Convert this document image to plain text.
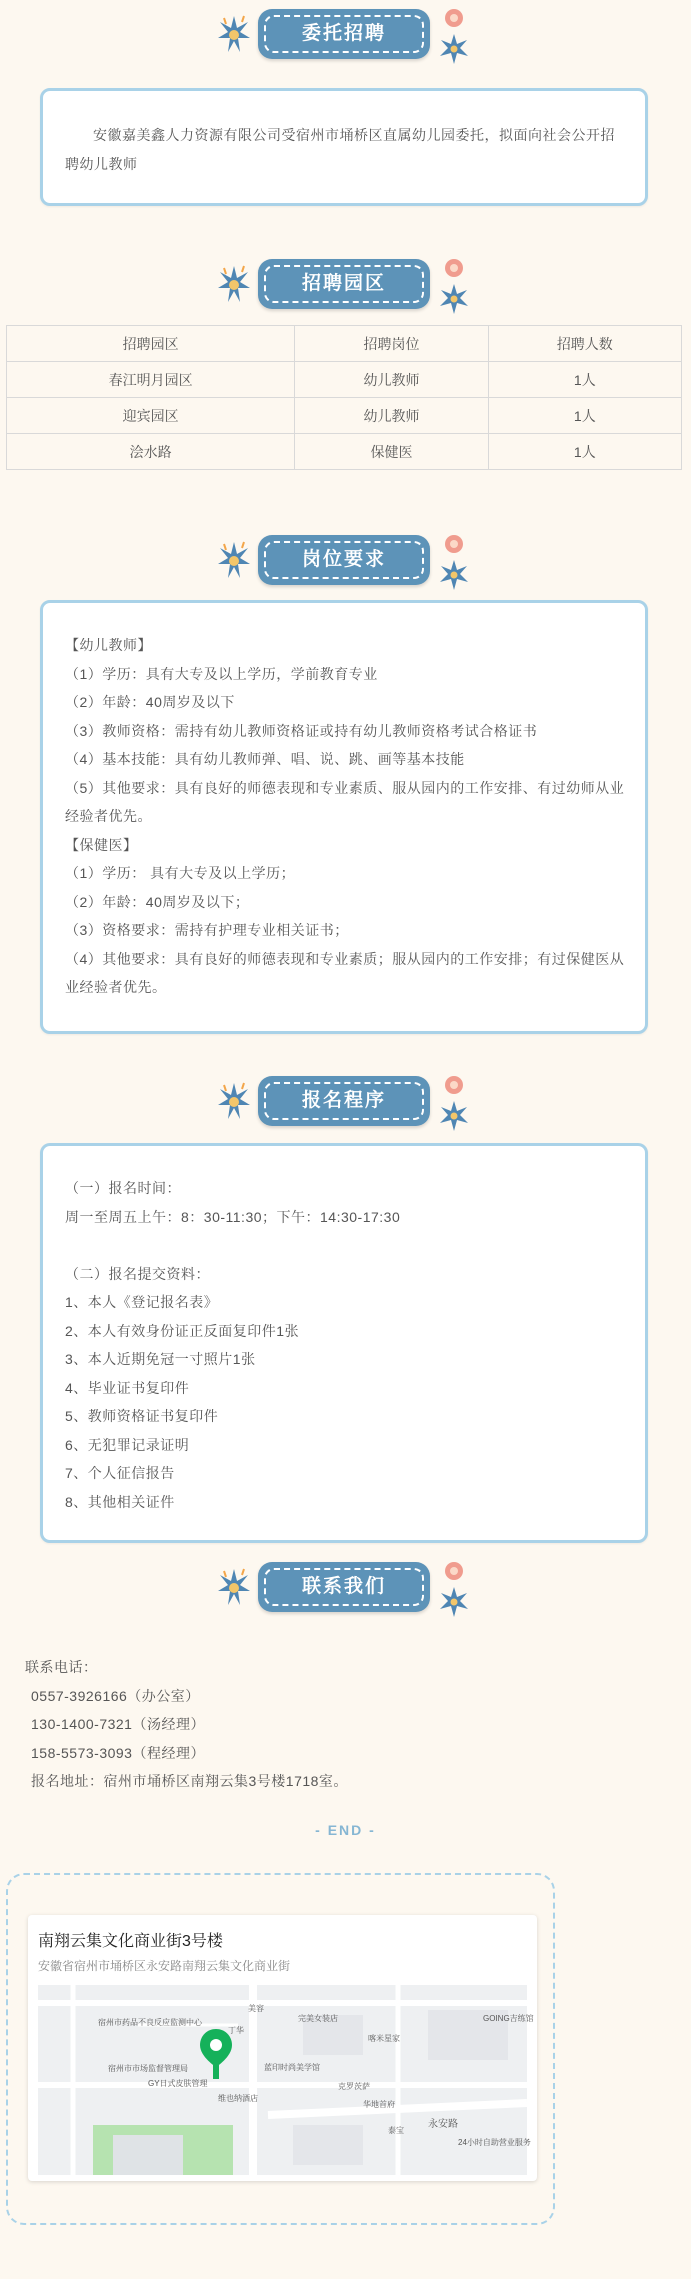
委托招聘

安徽嘉美鑫人力资源有限公司受宿州市埇桥区直属幼儿园委托，拟面向社会公开招聘幼儿教师

招聘园区
招聘园区	招聘岗位	招聘人数
春江明月园区	幼儿教师	1人
迎宾园区	幼儿教师	1人
浍水路	保健医	1人
岗位要求

【幼儿教师】

（1）学历：具有大专及以上学历，学前教育专业

（2）年龄：40周岁及以下

（3）教师资格：需持有幼儿教师资格证或持有幼儿教师资格考试合格证书

（4）基本技能：具有幼儿教师弹、唱、说、跳、画等基本技能

（5）其他要求：具有良好的师德表现和专业素质、服从园内的工作安排、有过幼师从业经验者优先。

【保健医】

（1）学历： 具有大专及以上学历；

（2）年龄：40周岁及以下；

（3）资格要求：需持有护理专业相关证书；

（4）其他要求：具有良好的师德表现和专业素质；服从园内的工作安排；有过保健医从业经验者优先。

报名程序

（一）报名时间：

周一至周五上午：8：30-11:30；下午：14:30-17:30

（二）报名提交资料：

1、本人《登记报名表》

2、本人有效身份证正反面复印件1张

3、本人近期免冠一寸照片1张

4、毕业证书复印件

5、教师资格证书复印件

6、无犯罪记录证明

7、个人征信报告

8、其他相关证件

联系我们

联系电话：

0557-3926166（办公室）

130-1400-7321（汤经理）

158-5573-3093（程经理）

报名地址：宿州市埇桥区南翔云集3号楼1718室。

- END -
南翔云集文化商业街3号楼
安徽省宿州市埇桥区永安路南翔云集文化商业街
宿州市药品不良反应监测中心
宿州市市场监督管理局
GY日式皮肤管理
维也纳酒店
蓝印时尚美学馆
克罗茨萨
完美女装店
喀米星家
华地首府
永安路
24小时自助营业服务
GOING吉练馆
美容
丁华
泰宝
